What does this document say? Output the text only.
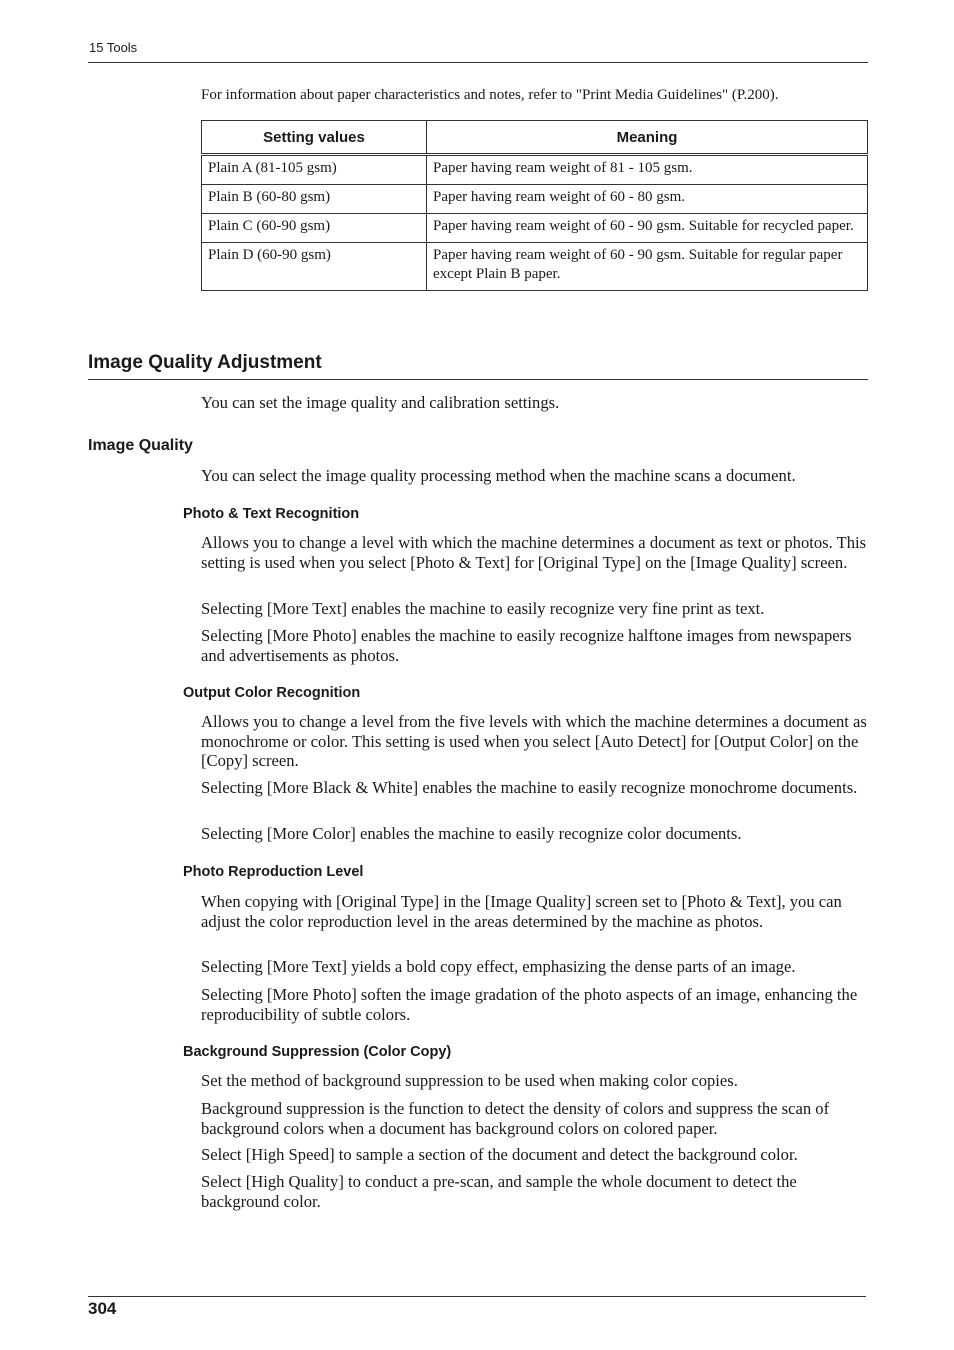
15 Tools
For information about paper characteristics and notes, refer to "Print Media Guidelines" (P.200).
Setting values	Meaning
Plain A (81-105 gsm)	Paper having ream weight of 81 - 105 gsm.
Plain B (60-80 gsm)	Paper having ream weight of 60 - 80 gsm.
Plain C (60-90 gsm)	Paper having ream weight of 60 - 90 gsm. Suitable for recycled paper.
Plain D (60-90 gsm)	Paper having ream weight of 60 - 90 gsm. Suitable for regular paper except Plain B paper.
Image Quality Adjustment

You can set the image quality and calibration settings.

Image Quality

You can select the image quality processing method when the machine scans a document.

Photo & Text Recognition

Allows you to change a level with which the machine determines a document as text or photos. This setting is used when you select [Photo & Text] for [Original Type] on the [Image Quality] screen.

Selecting [More Text] enables the machine to easily recognize very fine print as text.

Selecting [More Photo] enables the machine to easily recognize halftone images from newspapers and advertisements as photos.

Output Color Recognition

Allows you to change a level from the five levels with which the machine determines a document as monochrome or color. This setting is used when you select [Auto Detect] for [Output Color] on the [Copy] screen.

Selecting [More Black & White] enables the machine to easily recognize monochrome documents.

Selecting [More Color] enables the machine to easily recognize color documents.

Photo Reproduction Level

When copying with [Original Type] in the [Image Quality] screen set to [Photo & Text], you can adjust the color reproduction level in the areas determined by the machine as photos.

Selecting [More Text] yields a bold copy effect, emphasizing the dense parts of an image.

Selecting [More Photo] soften the image gradation of the photo aspects of an image, enhancing the reproducibility of subtle colors.

Background Suppression (Color Copy)

Set the method of background suppression to be used when making color copies.

Background suppression is the function to detect the density of colors and suppress the scan of background colors when a document has background colors on colored paper.

Select [High Speed] to sample a section of the document and detect the background color.

Select [High Quality] to conduct a pre-scan, and sample the whole document to detect the background color.

304
